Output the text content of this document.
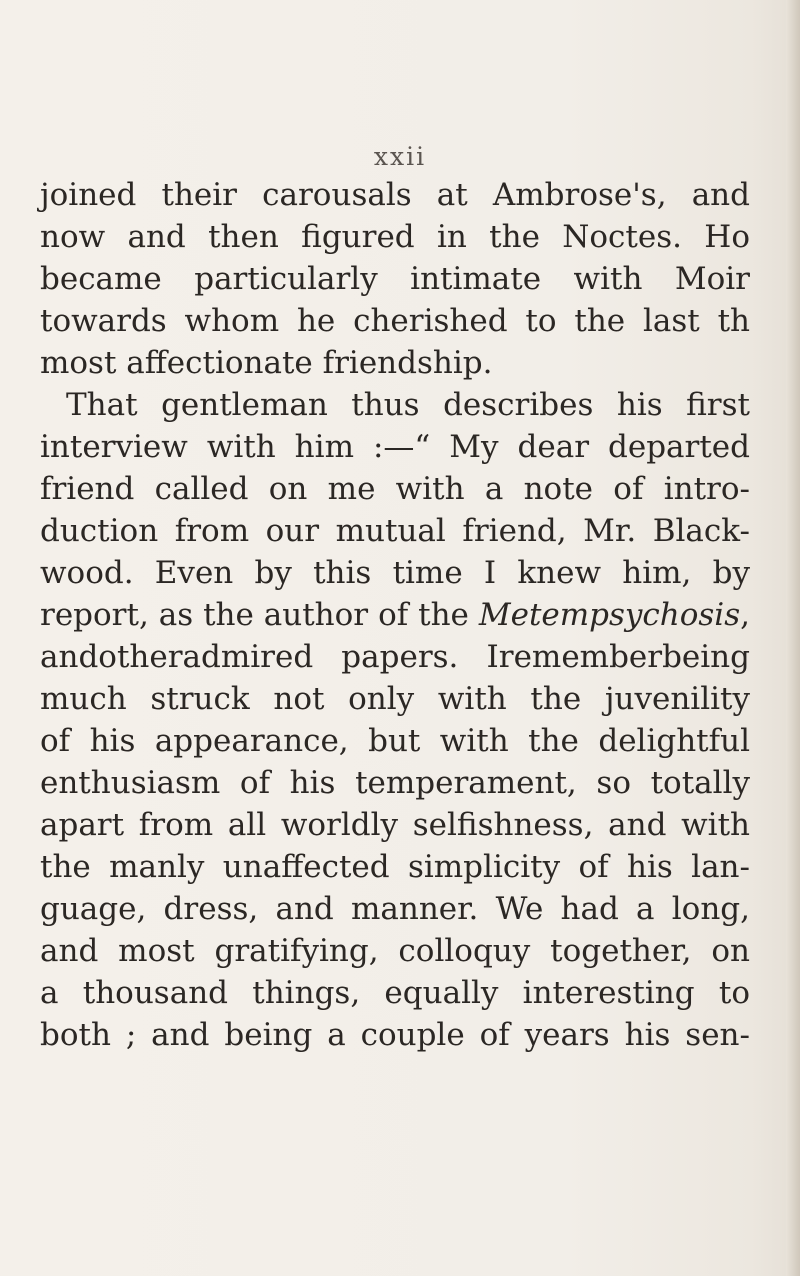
xxii
joined their carousals at Ambrose's, and
now and then figured in the Noctes. Ho
became particularly intimate with Moir
towards whom he cherished to the last th
most affectionate friendship.
That gentleman thus describes his first
interview with him :—“ My dear departed
friend called on me with a note of intro-
duction from our mutual friend, Mr. Black-
wood. Even by this time I knew him, by
report, as the author of the Metempsychosis,
andotheradmired papers. Irememberbeing
much struck not only with the juvenility
of his appearance, but with the delightful
enthusiasm of his temperament, so totally
apart from all worldly selfishness, and with
the manly unaffected simplicity of his lan-
guage, dress, and manner. We had a long,
and most gratifying, colloquy together, on
a thousand things, equally interesting to
both ; and being a couple of years his sen-
